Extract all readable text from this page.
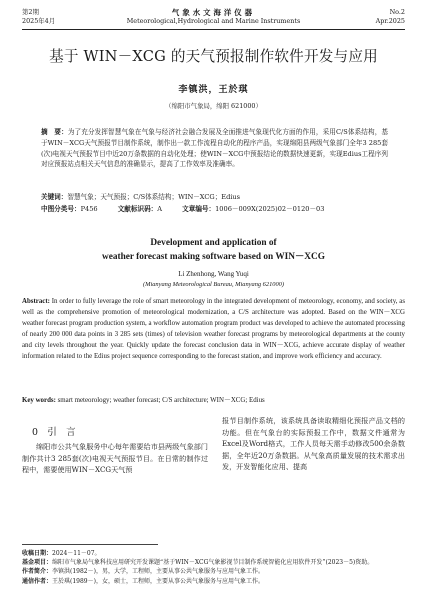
第2期
2025年4月
气象水文海洋仪器
Meteorological,Hydrological and Marine Instruments
No.2
Apr.2025
基于 WIN－XCG 的天气预报制作软件开发与应用
李镇洪，王於琪
（绵阳市气象局，绵阳 621000）
摘　要：为了充分发挥智慧气象在气象与经济社会融合发展及全面推进气象现代化方面的作用，采用C/S体系结构，基于WIN－XCG天气预报节目制作系统，制作出一款工作流程自动化的程序产品，实现绵阳县两级气象部门全年3 285套(次)电视天气预报节目中近20万条数据的自动化处理；使WIN－XCG中预报结论的数据快速更新，实现Edius工程序列对应预报站点相关天气信息的准确显示，提高了工作效率及准确率。
关键词：智慧气象；天气预报；C/S体系结构；WIN－XCG；Edius
中图分类号：P456	文献标识码：A	文章编号：1006－009X(2025)02－0120－03
Development and application of
weather forecast making software based on WIN－XCG
Li Zhenhong, Wang Yuqi
(Mianyang Meteorological Bureau, Mianyang 621000)
Abstract: In order to fully leverage the role of smart meteorology in the integrated development of meteorology, economy, and society, as well as the comprehensive promotion of meteorological modernization, a C/S architecture was adopted. Based on the WIN－XCG weather forecast program production system, a workflow automation program product was developed to achieve the automated processing of nearly 200 000 data points in 3 285 sets (times) of television weather forecast programs by meteorological departments at the county and city levels throughout the year. Quickly update the forecast conclusion data in WIN－XCG, achieve accurate display of weather information related to the Edius project sequence corresponding to the forecast station, and improve work efficiency and accuracy.
Key words: smart meteorology; weather forecast; C/S architecture; WIN－XCG; Edius
0　 引　言
绵阳市公共气象服务中心每年需要给市县两级气象部门制作共计3 285套(次)电视天气预报节目。在日常的制作过程中，需要使用WIN－XCG天气预
报节目制作系统，该系统具备读取精细化预报产品文档的功能。但在气象台的实际预报工作中，数据文件通常为Excel及Word格式，工作人员每天需手动修改500余条数据，全年近20万条数据。从气象高质量发展的技术需求出发，开发智能化应用、提高
收稿日期：2024－11－07。
基金项目：绵阳市气象局气象科技应用研究开发课题“基于WIN－XCG气象影视节目制作系统智能化应用软件开发”(2023－5)资助。
作者简介：李镇洪(1982－)，男，大学，工程师，主要从事公共气象服务与应用气象工作。
通信作者：王於琪(1989－)，女，硕士，工程师，主要从事公共气象服务与应用气象工作。
